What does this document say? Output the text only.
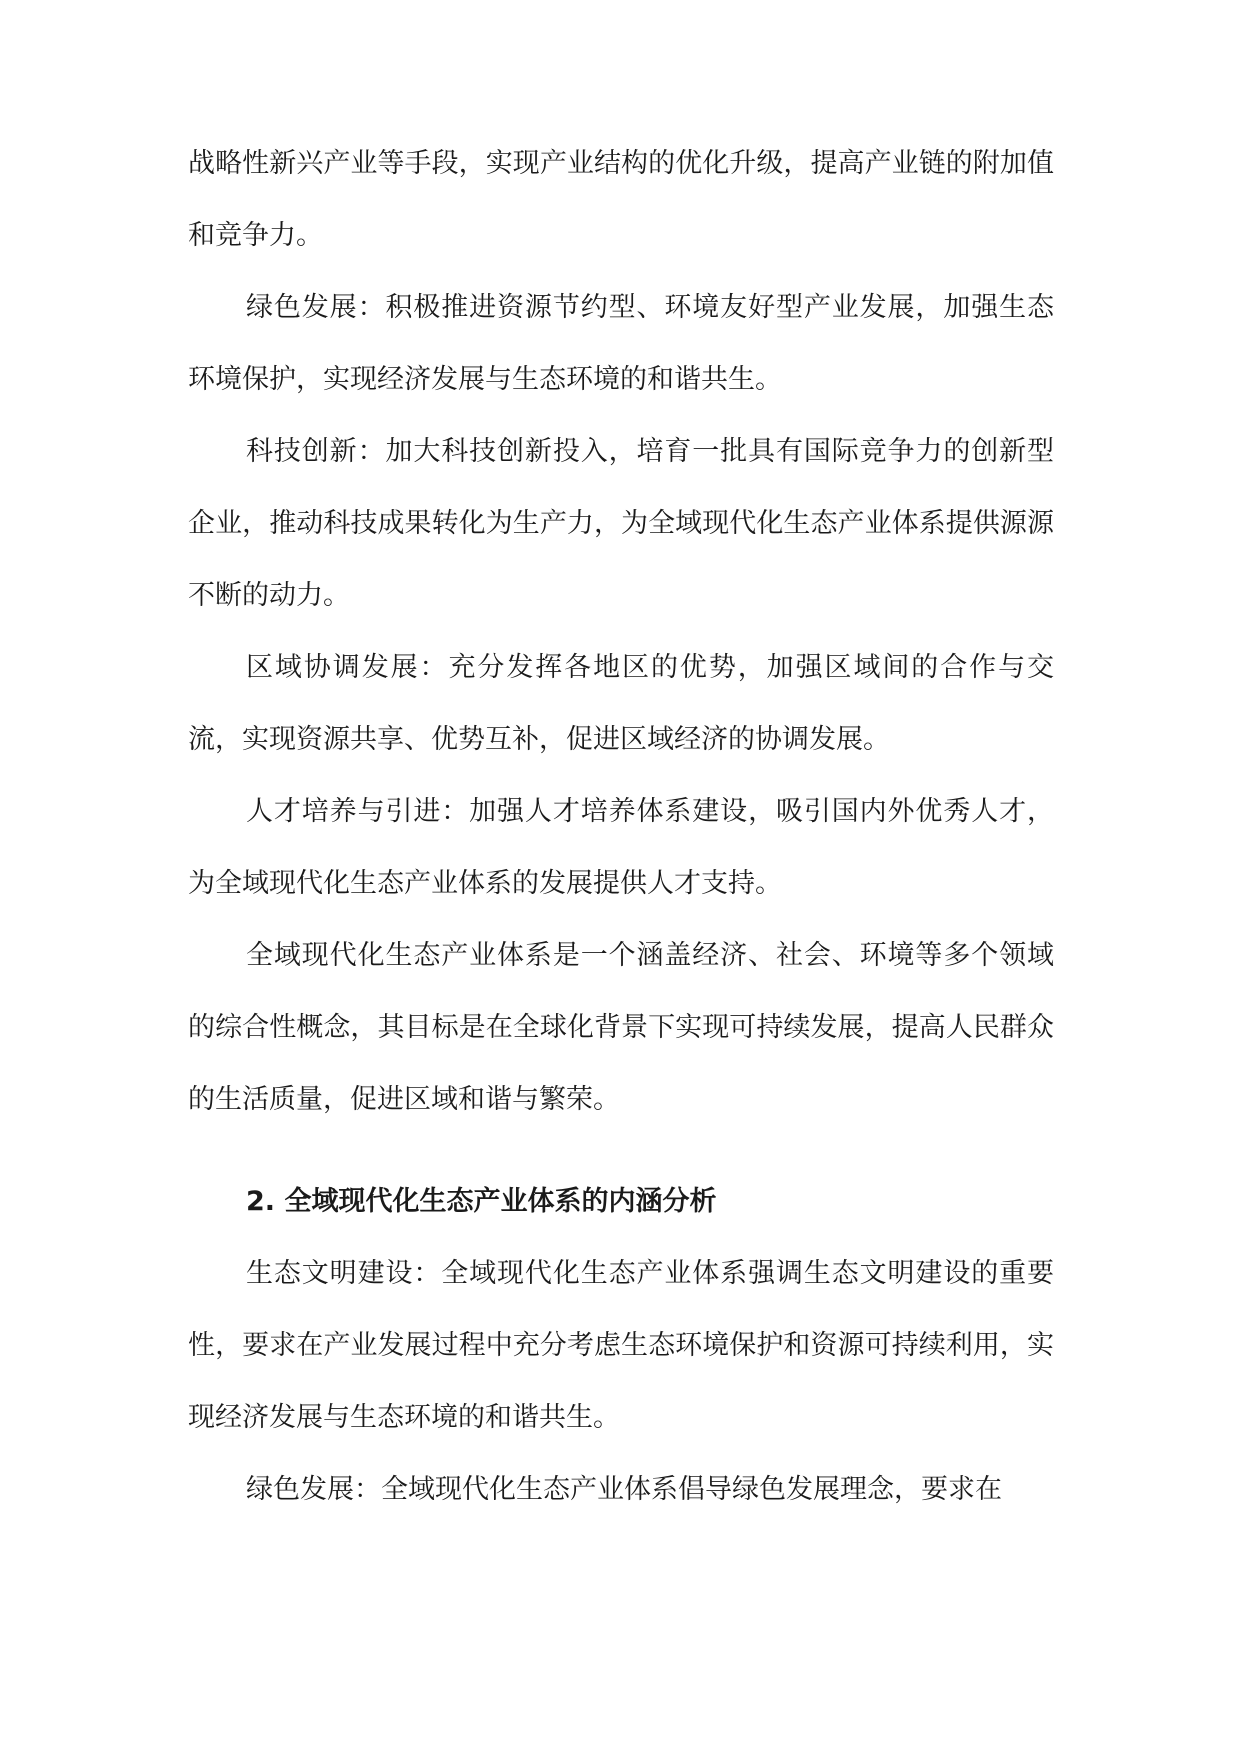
战略性新兴产业等手段，实现产业结构的优化升级，提高产业链的附加值和竞争力。

绿色发展：积极推进资源节约型、环境友好型产业发展，加强生态环境保护，实现经济发展与生态环境的和谐共生。

科技创新：加大科技创新投入，培育一批具有国际竞争力的创新型企业，推动科技成果转化为生产力，为全域现代化生态产业体系提供源源不断的动力。

区域协调发展：充分发挥各地区的优势，加强区域间的合作与交流，实现资源共享、优势互补，促进区域经济的协调发展。

人才培养与引进：加强人才培养体系建设，吸引国内外优秀人才，为全域现代化生态产业体系的发展提供人才支持。

全域现代化生态产业体系是一个涵盖经济、社会、环境等多个领域的综合性概念，其目标是在全球化背景下实现可持续发展，提高人民群众的生活质量，促进区域和谐与繁荣。

2. 全域现代化生态产业体系的内涵分析

生态文明建设：全域现代化生态产业体系强调生态文明建设的重要性，要求在产业发展过程中充分考虑生态环境保护和资源可持续利用，实现经济发展与生态环境的和谐共生。

绿色发展：全域现代化生态产业体系倡导绿色发展理念，要求在
